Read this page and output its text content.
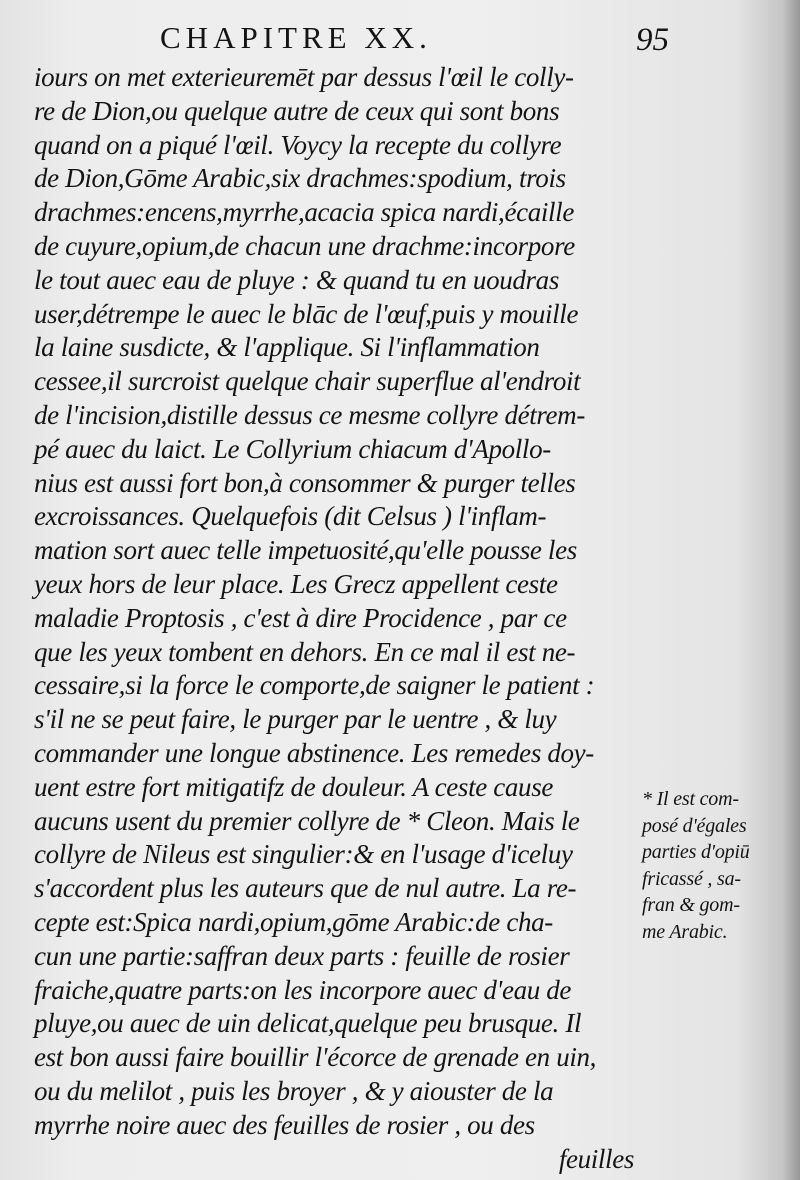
CHAPITRE XX.	95
iours on met exterieuremēt par dessus l'œil le colly-
re de Dion,ou quelque autre de ceux qui sont bons
quand on a piqué l'œil. Voycy la recepte du collyre
de Dion,Gōme Arabic,six drachmes:spodium, trois
drachmes:encens,myrrhe,acacia spica nardi,écaille
de cuyure,opium,de chacun une drachme:incorpore
le tout auec eau de pluye : & quand tu en uoudras
user,détrempe le auec le blāc de l'œuf,puis y mouille
la laine susdicte, & l'applique. Si l'inflammation
cessee,il surcroist quelque chair superflue al'endroit
de l'incision,distille dessus ce mesme collyre détrem-
pé auec du laict. Le Collyrium chiacum d'Apollo-
nius est aussi fort bon,à consommer & purger telles
excroissances. Quelquefois (dit Celsus ) l'inflam-
mation sort auec telle impetuosité,qu'elle pousse les
yeux hors de leur place. Les Grecz appellent ceste
maladie Proptosis , c'est à dire Procidence , par ce
que les yeux tombent en dehors. En ce mal il est ne-
cessaire,si la force le comporte,de saigner le patient :
s'il ne se peut faire, le purger par le uentre , & luy
commander une longue abstinence. Les remedes doy-
uent estre fort mitigatifz de douleur. A ceste cause
aucuns usent du premier collyre de * Cleon. Mais le
collyre de Nileus est singulier:& en l'usage d'iceluy
s'accordent plus les auteurs que de nul autre. La re-
cepte est:Spica nardi,opium,gōme Arabic:de cha-
cun une partie:saffran deux parts : feuille de rosier
fraiche,quatre parts:on les incorpore auec d'eau de
pluye,ou auec de uin delicat,quelque peu brusque. Il
est bon aussi faire bouillir l'écorce de grenade en uin,
ou du melilot , puis les broyer , & y aiouster de la
myrrhe noire auec des feuilles de rosier , ou des
feuilles
* Il est com-
posé d'égales
parties d'opiū
fricassé , sa-
fran & gom-
me Arabic.
